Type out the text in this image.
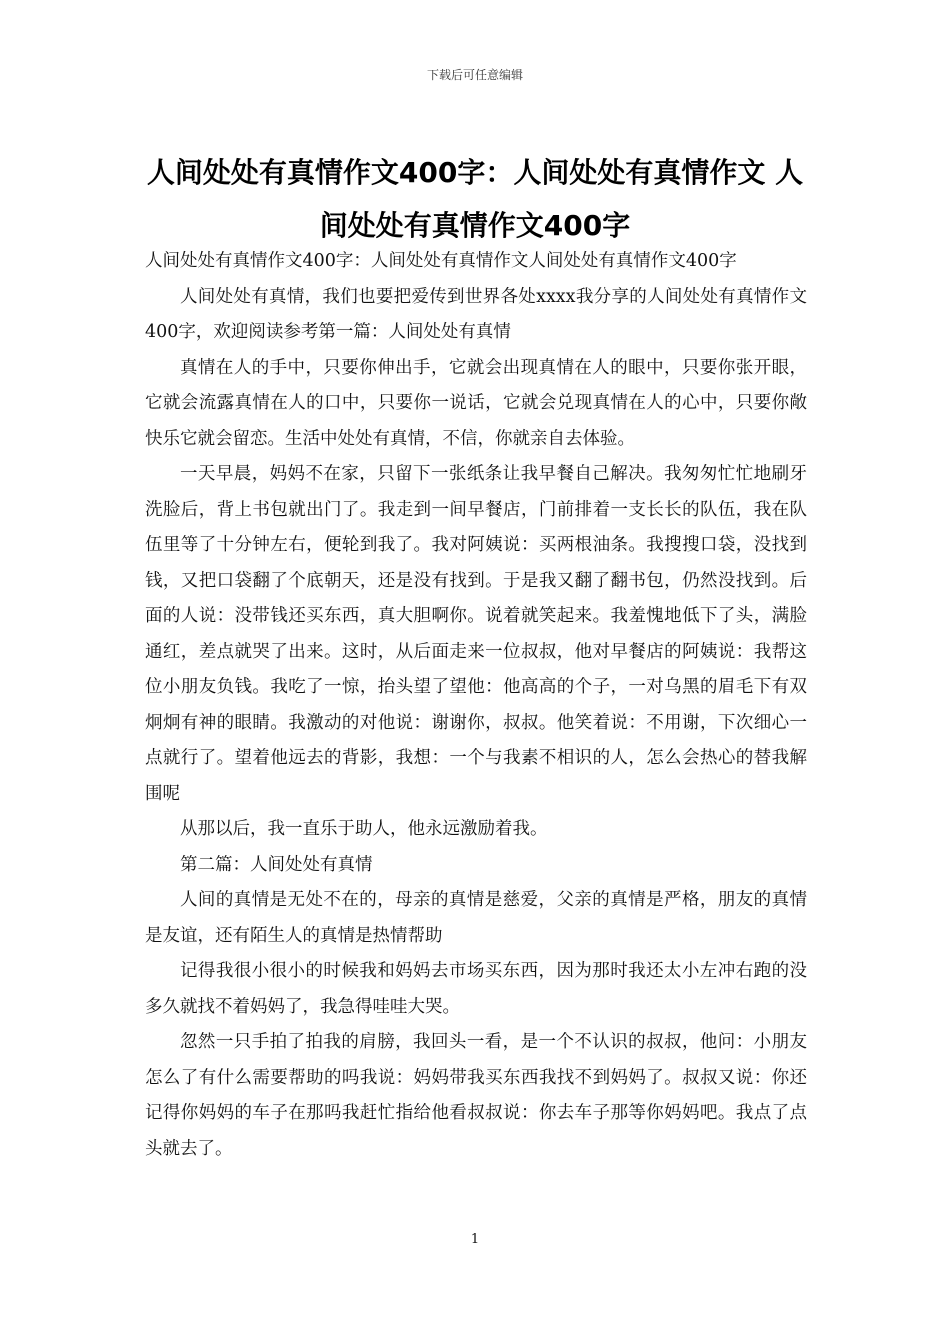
下载后可任意编辑
人间处处有真情作文400字：人间处处有真情作文 人间处处有真情作文400字

人间处处有真情作文400字：人间处处有真情作文人间处处有真情作文400字

人间处处有真情，我们也要把爱传到世界各处xxxx我分享的人间处处有真情作文400字，欢迎阅读参考第一篇：人间处处有真情

真情在人的手中，只要你伸出手，它就会出现真情在人的眼中，只要你张开眼，它就会流露真情在人的口中，只要你一说话，它就会兑现真情在人的心中，只要你敞快乐它就会留恋。生活中处处有真情，不信，你就亲自去体验。

一天早晨，妈妈不在家，只留下一张纸条让我早餐自己解决。我匆匆忙忙地刷牙洗脸后，背上书包就出门了。我走到一间早餐店，门前排着一支长长的队伍，我在队伍里等了十分钟左右，便轮到我了。我对阿姨说：买两根油条。我搜搜口袋，没找到钱，又把口袋翻了个底朝天，还是没有找到。于是我又翻了翻书包，仍然没找到。后面的人说：没带钱还买东西，真大胆啊你。说着就笑起来。我羞愧地低下了头，满脸通红，差点就哭了出来。这时，从后面走来一位叔叔，他对早餐店的阿姨说：我帮这位小朋友负钱。我吃了一惊，抬头望了望他：他高高的个子，一对乌黑的眉毛下有双炯炯有神的眼睛。我激动的对他说：谢谢你，叔叔。他笑着说：不用谢，下次细心一点就行了。望着他远去的背影，我想：一个与我素不相识的人，怎么会热心的替我解围呢

从那以后，我一直乐于助人，他永远激励着我。

第二篇：人间处处有真情

人间的真情是无处不在的，母亲的真情是慈爱，父亲的真情是严格，朋友的真情是友谊，还有陌生人的真情是热情帮助

记得我很小很小的时候我和妈妈去市场买东西，因为那时我还太小左冲右跑的没多久就找不着妈妈了，我急得哇哇大哭。

忽然一只手拍了拍我的肩膀，我回头一看，是一个不认识的叔叔，他问：小朋友怎么了有什么需要帮助的吗我说：妈妈带我买东西我找不到妈妈了。叔叔又说：你还记得你妈妈的车子在那吗我赶忙指给他看叔叔说：你去车子那等你妈妈吧。我点了点头就去了。

1
